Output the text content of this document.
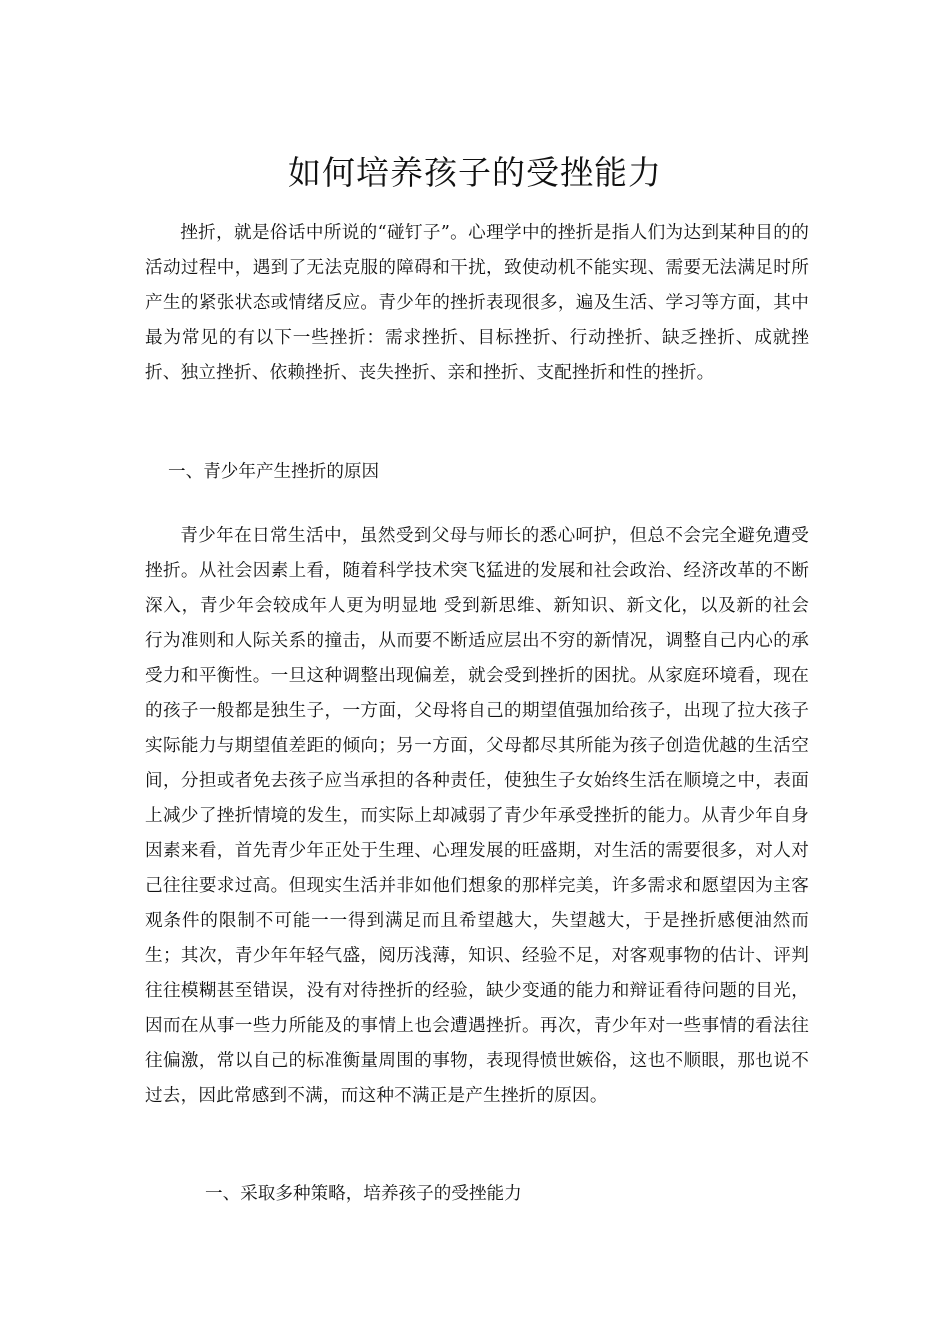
如何培养孩子的受挫能力

挫折，就是俗话中所说的“碰钉子”。心理学中的挫折是指人们为达到某种目的的活动过程中，遇到了无法克服的障碍和干扰，致使动机不能实现、需要无法满足时所产生的紧张状态或情绪反应。青少年的挫折表现很多，遍及生活、学习等方面，其中最为常见的有以下一些挫折：需求挫折、目标挫折、行动挫折、缺乏挫折、成就挫折、独立挫折、依赖挫折、丧失挫折、亲和挫折、支配挫折和性的挫折。

一、青少年产生挫折的原因

青少年在日常生活中，虽然受到父母与师长的悉心呵护，但总不会完全避免遭受挫折。从社会因素上看，随着科学技术突飞猛进的发展和社会政治、经济改革的不断深入，青少年会较成年人更为明显地 受到新思维、新知识、新文化，以及新的社会行为准则和人际关系的撞击，从而要不断适应层出不穷的新情况，调整自己内心的承受力和平衡性。一旦这种调整出现偏差，就会受到挫折的困扰。从家庭环境看，现在的孩子一般都是独生子，一方面，父母将自己的期望值强加给孩子，出现了拉大孩子实际能力与期望值差距的倾向；另一方面，父母都尽其所能为孩子创造优越的生活空间，分担或者免去孩子应当承担的各种责任，使独生子女始终生活在顺境之中，表面上减少了挫折情境的发生，而实际上却减弱了青少年承受挫折的能力。从青少年自身因素来看，首先青少年正处于生理、心理发展的旺盛期，对生活的需要很多，对人对己往往要求过高。但现实生活并非如他们想象的那样完美，许多需求和愿望因为主客观条件的限制不可能一一得到满足而且希望越大，失望越大，于是挫折感便油然而生；其次，青少年年轻气盛，阅历浅薄，知识、经验不足，对客观事物的估计、评判往往模糊甚至错误，没有对待挫折的经验，缺少变通的能力和辩证看待问题的目光，因而在从事一些力所能及的事情上也会遭遇挫折。再次，青少年对一些事情的看法往往偏激，常以自己的标准衡量周围的事物，表现得愤世嫉俗，这也不顺眼，那也说不过去，因此常感到不满，而这种不满正是产生挫折的原因。

一、采取多种策略，培养孩子的受挫能力
